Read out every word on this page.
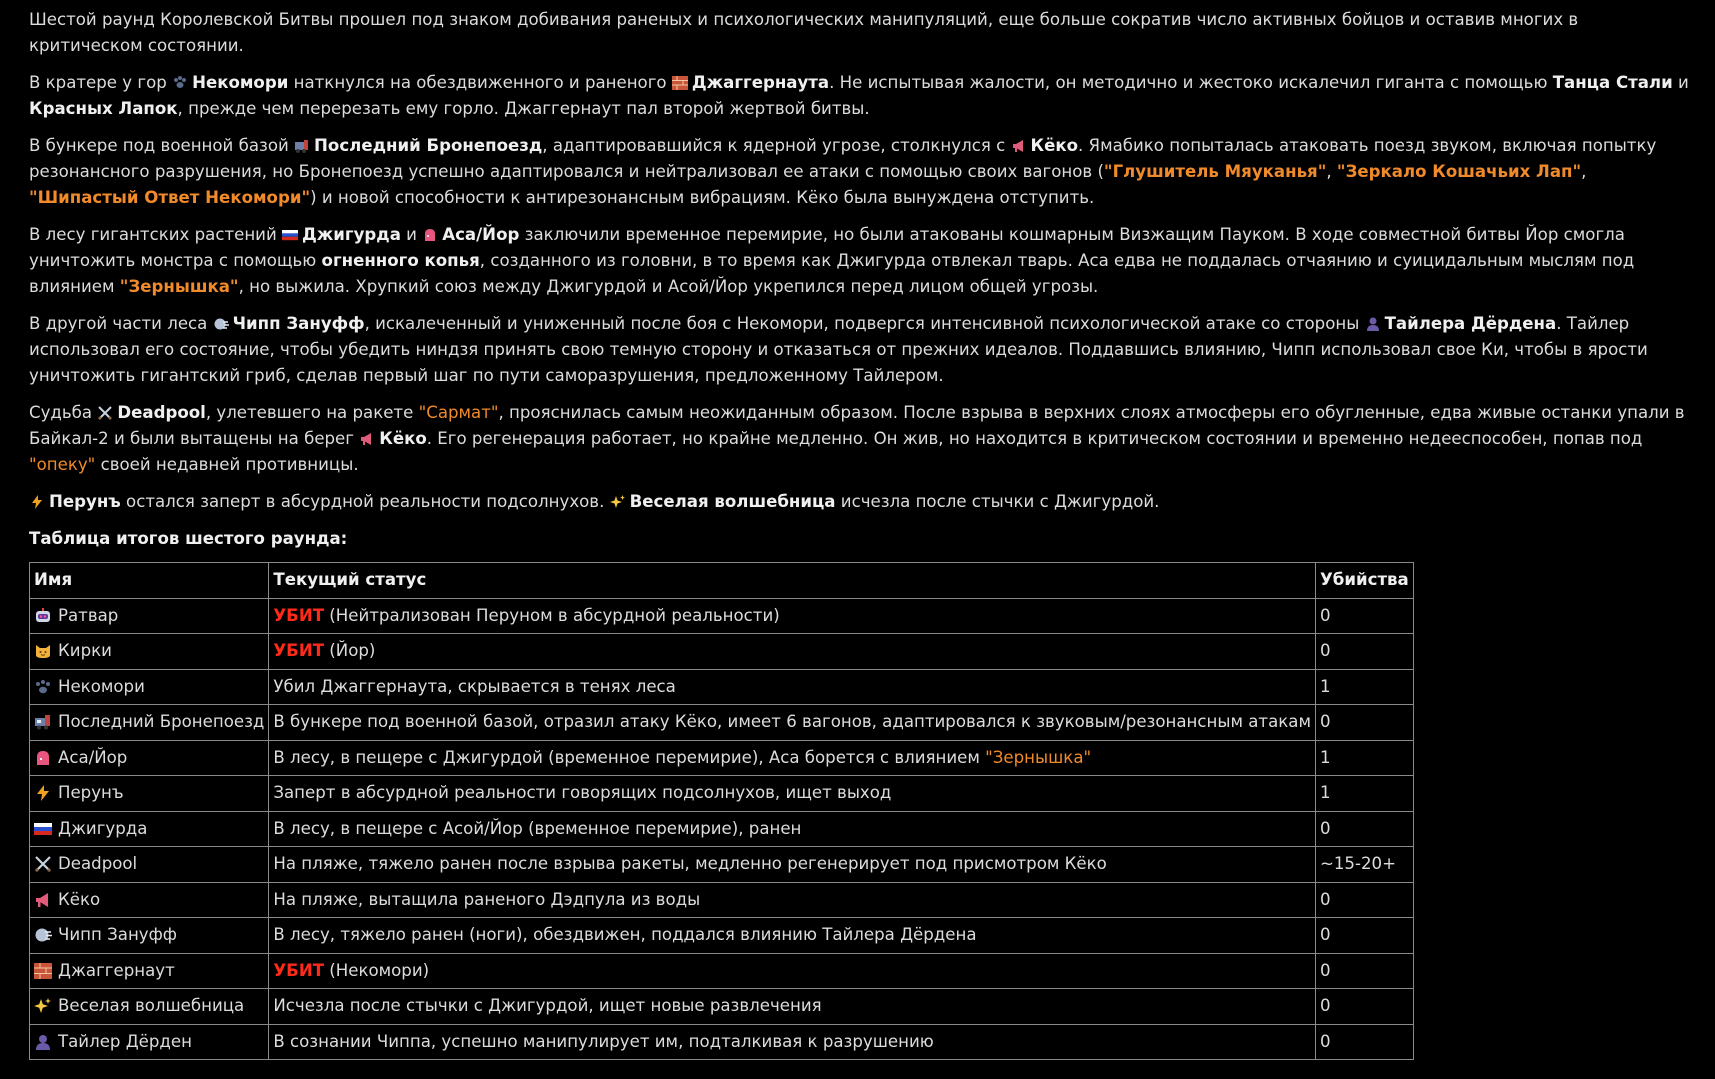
Шестой раунд Королевской Битвы прошел под знаком добивания раненых и психологических манипуляций, еще больше сократив число активных бойцов и оставив многих в критическом состоянии.

В кратере у гор Некомори наткнулся на обездвиженного и раненого Джаггернаута. Не испытывая жалости, он методично и жестоко искалечил гиганта с помощью Танца Стали и Красных Лапок, прежде чем перерезать ему горло. Джаггернаут пал второй жертвой битвы.

В бункере под военной базой Последний Бронепоезд, адаптировавшийся к ядерной угрозе, столкнулся с Кёко. Ямабико попыталась атаковать поезд звуком, включая попытку резонансного разрушения, но Бронепоезд успешно адаптировался и нейтрализовал ее атаки с помощью своих вагонов ("Глушитель Мяуканья", "Зеркало Кошачьих Лап", "Шипастый Ответ Некомори") и новой способности к антирезонансным вибрациям. Кёко была вынуждена отступить.

В лесу гигантских растений Джигурда и Аса/Йор заключили временное перемирие, но были атакованы кошмарным Визжащим Пауком. В ходе совместной битвы Йор смогла уничтожить монстра с помощью огненного копья, созданного из головни, в то время как Джигурда отвлекал тварь. Аса едва не поддалась отчаянию и суицидальным мыслям под влиянием "Зернышка", но выжила. Хрупкий союз между Джигурдой и Асой/Йор укрепился перед лицом общей угрозы.

В другой части леса Чипп Зануфф, искалеченный и униженный после боя с Некомори, подвергся интенсивной психологической атаке со стороны Тайлера Дёрдена. Тайлер использовал его состояние, чтобы убедить ниндзя принять свою темную сторону и отказаться от прежних идеалов. Поддавшись влиянию, Чипп использовал свое Ки, чтобы в ярости уничтожить гигантский гриб, сделав первый шаг по пути саморазрушения, предложенному Тайлером.

Судьба Deadpool, улетевшего на ракете "Сармат", прояснилась самым неожиданным образом. После взрыва в верхних слоях атмосферы его обугленные, едва живые останки упали в Байкал-2 и были вытащены на берег Кёко. Его регенерация работает, но крайне медленно. Он жив, но находится в критическом состоянии и временно недееспособен, попав под "опеку" своей недавней противницы.

Перунъ остался заперт в абсурдной реальности подсолнухов. Веселая волшебница исчезла после стычки с Джигурдой.

Таблица итогов шестого раунда:
Имя	Текущий статус	Убийства
Ратвар	УБИТ (Нейтрализован Перуном в абсурдной реальности)	0
Кирки	УБИТ (Йор)	0
Некомори	Убил Джаггернаута, скрывается в тенях леса	1
Последний Бронепоезд	В бункере под военной базой, отразил атаку Кёко, имеет 6 вагонов, адаптировался к звуковым/резонансным атакам	0
Аса/Йор	В лесу, в пещере с Джигурдой (временное перемирие), Аса борется с влиянием "Зернышка"	1
Перунъ	Заперт в абсурдной реальности говорящих подсолнухов, ищет выход	1
Джигурда	В лесу, в пещере с Асой/Йор (временное перемирие), ранен	0
Deadpool	На пляже, тяжело ранен после взрыва ракеты, медленно регенерирует под присмотром Кёко	~15-20+
Кёко	На пляже, вытащила раненого Дэдпула из воды	0
Чипп Зануфф	В лесу, тяжело ранен (ноги), обездвижен, поддался влиянию Тайлера Дёрдена	0
Джаггернаут	УБИТ (Некомори)	0
Веселая волшебница	Исчезла после стычки с Джигурдой, ищет новые развлечения	0
Тайлер Дёрден	В сознании Чиппа, успешно манипулирует им, подталкивая к разрушению	0
